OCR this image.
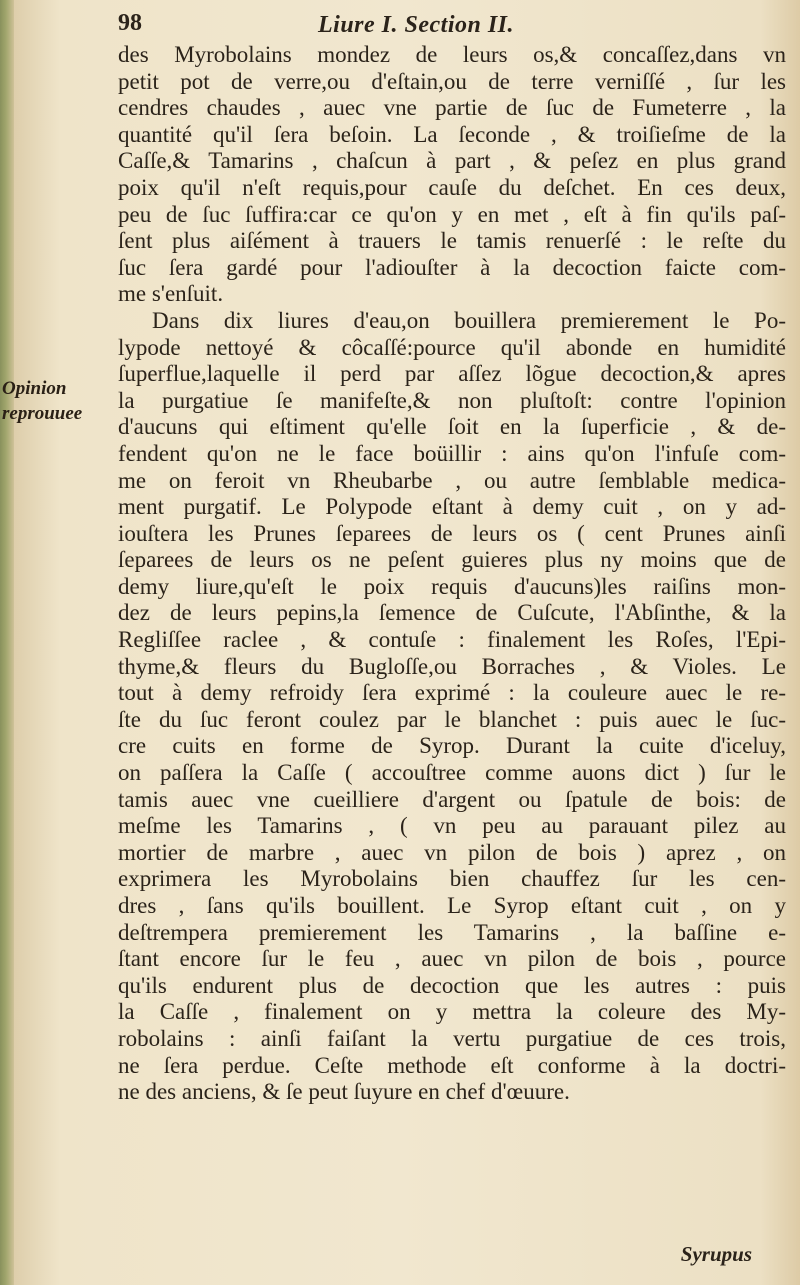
98	Liure I. Section II.
Opinion
reprouuee
des Myrobolains mondez de leurs os,& concaſſez,dans vn
petit pot de verre,ou d'eſtain,ou de terre verniſſé , ſur les
cendres chaudes , auec vne partie de ſuc de Fumeterre , la
quantité qu'il ſera beſoin. La ſeconde , & troiſieſme de la
Caſſe,& Tamarins , chaſcun à part , & peſez en plus grand
poix qu'il n'eſt requis,pour cauſe du deſchet. En ces deux,
peu de ſuc ſuffira:car ce qu'on y en met , eſt à fin qu'ils paſ-
ſent plus aiſément à trauers le tamis renuerſé : le reſte du
ſuc ſera gardé pour l'adiouſter à la decoction faicte com-
me s'enſuit.
Dans dix liures d'eau,on bouillera premierement le Po-
lypode nettoyé & côcaſſé:pource qu'il abonde en humidité
ſuperflue,laquelle il perd par aſſez lõgue decoction,& apres
la purgatiue ſe manifeſte,& non pluſtoſt: contre l'opinion
d'aucuns qui eſtiment qu'elle ſoit en la ſuperficie , & de-
fendent qu'on ne le face boüillir : ains qu'on l'infuſe com-
me on feroit vn Rheubarbe , ou autre ſemblable medica-
ment purgatif. Le Polypode eſtant à demy cuit , on y ad-
iouſtera les Prunes ſeparees de leurs os ( cent Prunes ainſi
ſeparees de leurs os ne peſent guieres plus ny moins que de
demy liure,qu'eſt le poix requis d'aucuns)les raiſins mon-
dez de leurs pepins,la ſemence de Cuſcute, l'Abſinthe, & la
Regliſſee raclee , & contuſe : finalement les Roſes, l'Epi-
thyme,& fleurs du Bugloſſe,ou Borraches , & Violes. Le
tout à demy refroidy ſera exprimé : la couleure auec le re-
ſte du ſuc feront coulez par le blanchet : puis auec le ſuc-
cre cuits en forme de Syrop. Durant la cuite d'iceluy,
on paſſera la Caſſe ( accouſtree comme auons dict ) ſur le
tamis auec vne cueilliere d'argent ou ſpatule de bois: de
meſme les Tamarins , ( vn peu au parauant pilez au
mortier de marbre , auec vn pilon de bois ) aprez , on
exprimera les Myrobolains bien chauffez ſur les cen-
dres , ſans qu'ils bouillent. Le Syrop eſtant cuit , on y
deſtrempera premierement les Tamarins , la baſſine e-
ſtant encore ſur le feu , auec vn pilon de bois , pource
qu'ils endurent plus de decoction que les autres : puis
la Caſſe , finalement on y mettra la coleure des My-
robolains : ainſi faiſant la vertu purgatiue de ces trois,
ne ſera perdue. Ceſte methode eſt conforme à la doctri-
ne des anciens, & ſe peut ſuyure en chef d'œuure.
Syrupus
